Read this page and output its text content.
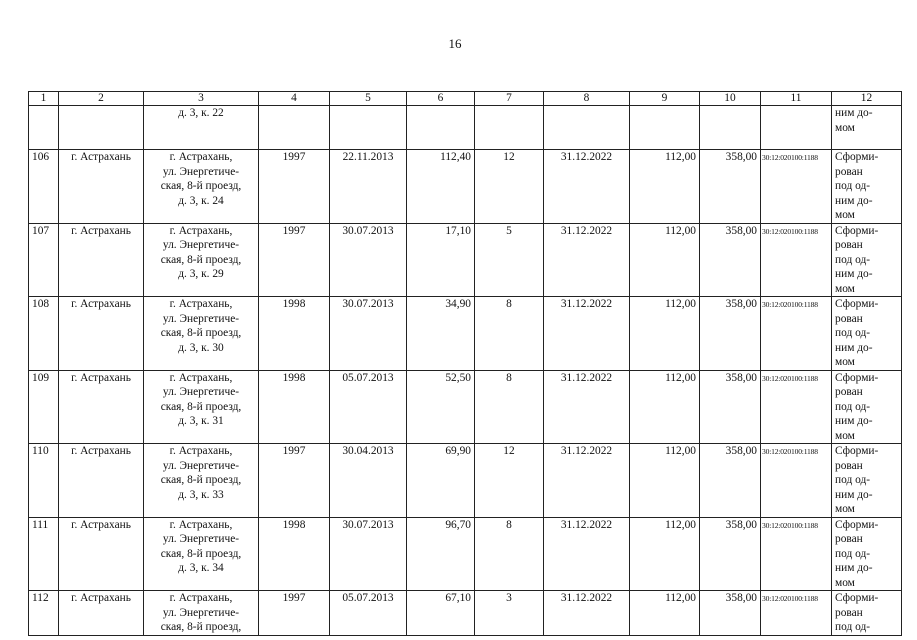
16
1	2	3	4	5	6	7	8	9	10	11	12

		д. 3, к. 22									ним до-
мом

106	г. Астрахань	г. Астрахань,
ул. Энергетиче-
ская, 8-й проезд,
д. 3, к. 24	1997	22.11.2013	112,40	12	31.12.2022	112,00	358,00	30:12:020100:1188	Сформи-
рован
под од-
ним до-
мом

107	г. Астрахань	г. Астрахань,
ул. Энергетиче-
ская, 8-й проезд,
д. 3, к. 29	1997	30.07.2013	17,10	5	31.12.2022	112,00	358,00	30:12:020100:1188	Сформи-
рован
под од-
ним до-
мом

108	г. Астрахань	г. Астрахань,
ул. Энергетиче-
ская, 8-й проезд,
д. 3, к. 30	1998	30.07.2013	34,90	8	31.12.2022	112,00	358,00	30:12:020100:1188	Сформи-
рован
под од-
ним до-
мом

109	г. Астрахань	г. Астрахань,
ул. Энергетиче-
ская, 8-й проезд,
д. 3, к. 31	1998	05.07.2013	52,50	8	31.12.2022	112,00	358,00	30:12:020100:1188	Сформи-
рован
под од-
ним до-
мом

110	г. Астрахань	г. Астрахань,
ул. Энергетиче-
ская, 8-й проезд,
д. 3, к. 33	1997	30.04.2013	69,90	12	31.12.2022	112,00	358,00	30:12:020100:1188	Сформи-
рован
под од-
ним до-
мом

111	г. Астрахань	г. Астрахань,
ул. Энергетиче-
ская, 8-й проезд,
д. 3, к. 34	1998	30.07.2013	96,70	8	31.12.2022	112,00	358,00	30:12:020100:1188	Сформи-
рован
под од-
ним до-
мом

112	г. Астрахань	г. Астрахань,
ул. Энергетиче-
ская, 8-й проезд,	1997	05.07.2013	67,10	3	31.12.2022	112,00	358,00	30:12:020100:1188	Сформи-
рован
под од-
